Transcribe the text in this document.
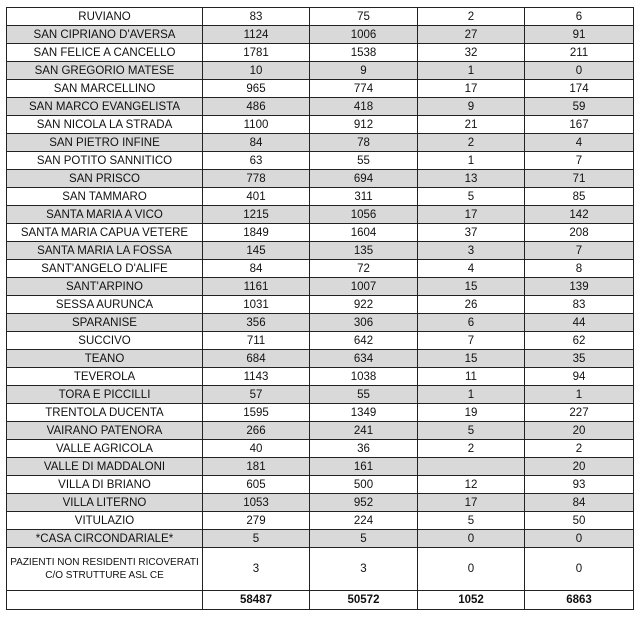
RUVIANO	83	75	2	6
SAN CIPRIANO D'AVERSA	1124	1006	27	91
SAN FELICE A CANCELLO	1781	1538	32	211
SAN GREGORIO MATESE	10	9	1	0
SAN MARCELLINO	965	774	17	174
SAN MARCO EVANGELISTA	486	418	9	59
SAN NICOLA LA STRADA	1100	912	21	167
SAN PIETRO INFINE	84	78	2	4
SAN POTITO SANNITICO	63	55	1	7
SAN PRISCO	778	694	13	71
SAN TAMMARO	401	311	5	85
SANTA MARIA A VICO	1215	1056	17	142
SANTA MARIA CAPUA VETERE	1849	1604	37	208
SANTA MARIA LA FOSSA	145	135	3	7
SANT'ANGELO D'ALIFE	84	72	4	8
SANT'ARPINO	1161	1007	15	139
SESSA AURUNCA	1031	922	26	83
SPARANISE	356	306	6	44
SUCCIVO	711	642	7	62
TEANO	684	634	15	35
TEVEROLA	1143	1038	11	94
TORA E PICCILLI	57	55	1	1
TRENTOLA DUCENTA	1595	1349	19	227
VAIRANO PATENORA	266	241	5	20
VALLE AGRICOLA	40	36	2	2
VALLE DI MADDALONI	181	161		20
VILLA DI BRIANO	605	500	12	93
VILLA LITERNO	1053	952	17	84
VITULAZIO	279	224	5	50
*CASA CIRCONDARIALE*	5	5	0	0
PAZIENTI NON RESIDENTI RICOVERATI C/O STRUTTURE ASL CE	3	3	0	0
	58487	50572	1052	6863
